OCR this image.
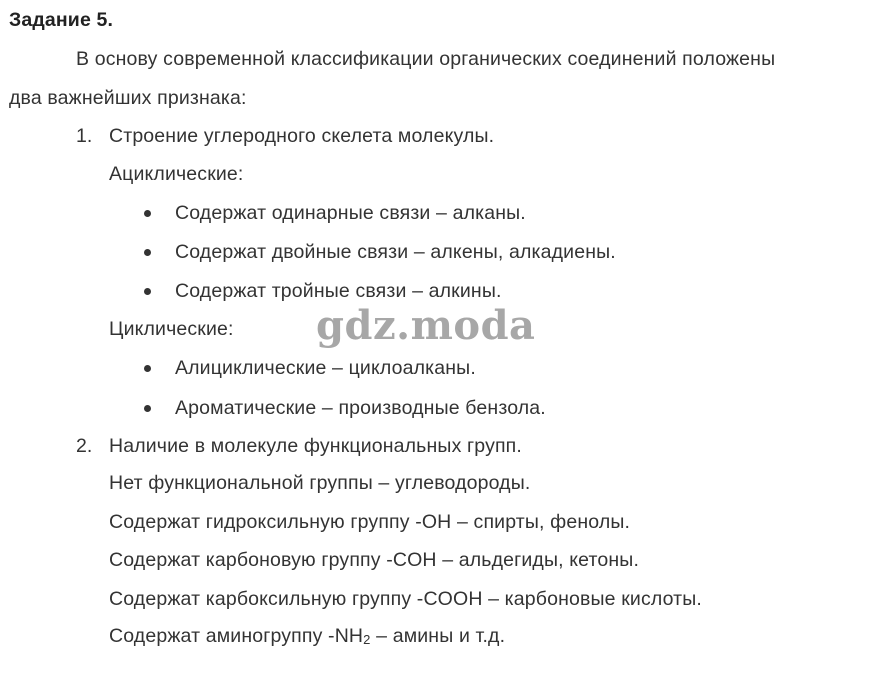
Задание 5.
В основу современной классификации органических соединений положены
два важнейших признака:
1. Строение углеродного скелета молекулы.
Ациклические:
Содержат одинарные связи – алканы.
Содержат двойные связи – алкены, алкадиены.
Содержат тройные связи – алкины.
Циклические:
Алициклические – циклоалканы.
Ароматические – производные бензола.
2. Наличие в молекуле функциональных групп.
Нет функциональной группы – углеводороды.
Содержат гидроксильную группу -OH – спирты, фенолы.
Содержат карбоновую группу -COH – альдегиды, кетоны.
Содержат карбоксильную группу -COOH – карбоновые кислоты.
Содержат аминогруппу $-NH_2$ – амины и т.д.
gdz.moda
